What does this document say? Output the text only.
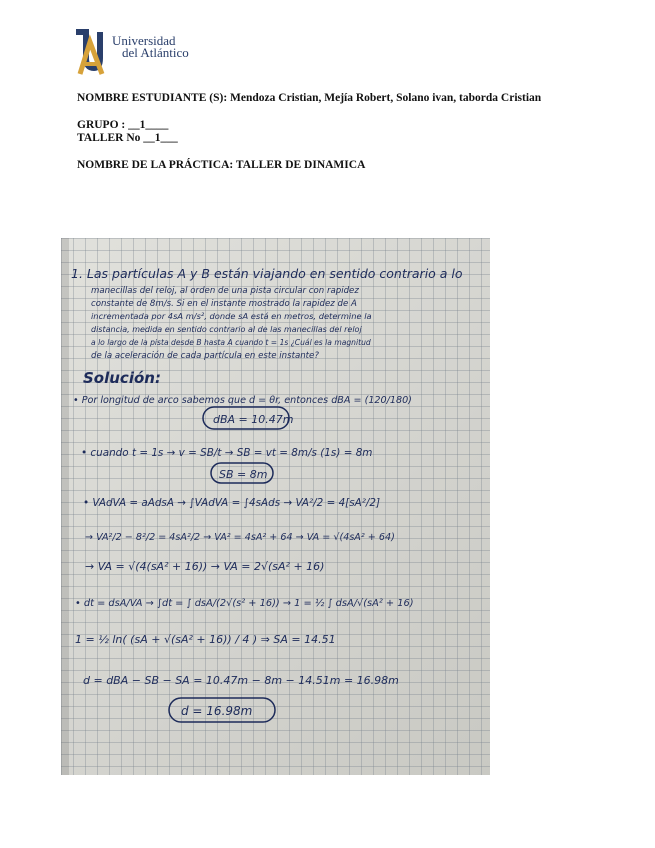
Universidad
del Atlántico

NOMBRE ESTUDIANTE (S): Mendoza Cristian, Mejía Robert, Solano ivan, taborda Cristian

GRUPO : __1____

TALLER No __1___

NOMBRE DE LA PRÁCTICA: TALLER DE DINAMICA

1. Las partículas A y B están viajando en sentido contrario a lo
manecillas del reloj, al orden de una pista circular con rapidez
constante de 8m/s. Si en el instante mostrado la rapidez de A
incrementada por 4sA m/s², donde sA está en metros, determine la
distancia, medida en sentido contrario al de las manecillas del reloj
a lo largo de la pista desde B hasta A cuando t = 1s ¿Cuál es la magnitud
de la aceleración de cada partícula en este instante?
Solución:
• Por longitud de arco sabemos que d = θr, entonces dBA = (120/180)
dBA = 10.47m
• cuando t = 1s → v = SB/t → SB = vt = 8m/s (1s) = 8m
SB = 8m
• VAdVA = aAdsA → ∫VAdVA = ∫4sAds → VA²/2 = 4[sA²/2]
→ VA²/2 − 8²/2 = 4sA²/2 → VA² = 4sA² + 64 → VA = √(4sA² + 64)
→ VA = √(4(sA² + 16)) → VA = 2√(sA² + 16)
• dt = dsA/VA → ∫dt = ∫ dsA/(2√(s² + 16)) → 1 = ½ ∫ dsA/√(sA² + 16)
1 = ½ ln( (sA + √(sA² + 16)) / 4 ) ⇒ SA = 14.51
d = dBA − SB − SA = 10.47m − 8m − 14.51m = 16.98m
d = 16.98m
